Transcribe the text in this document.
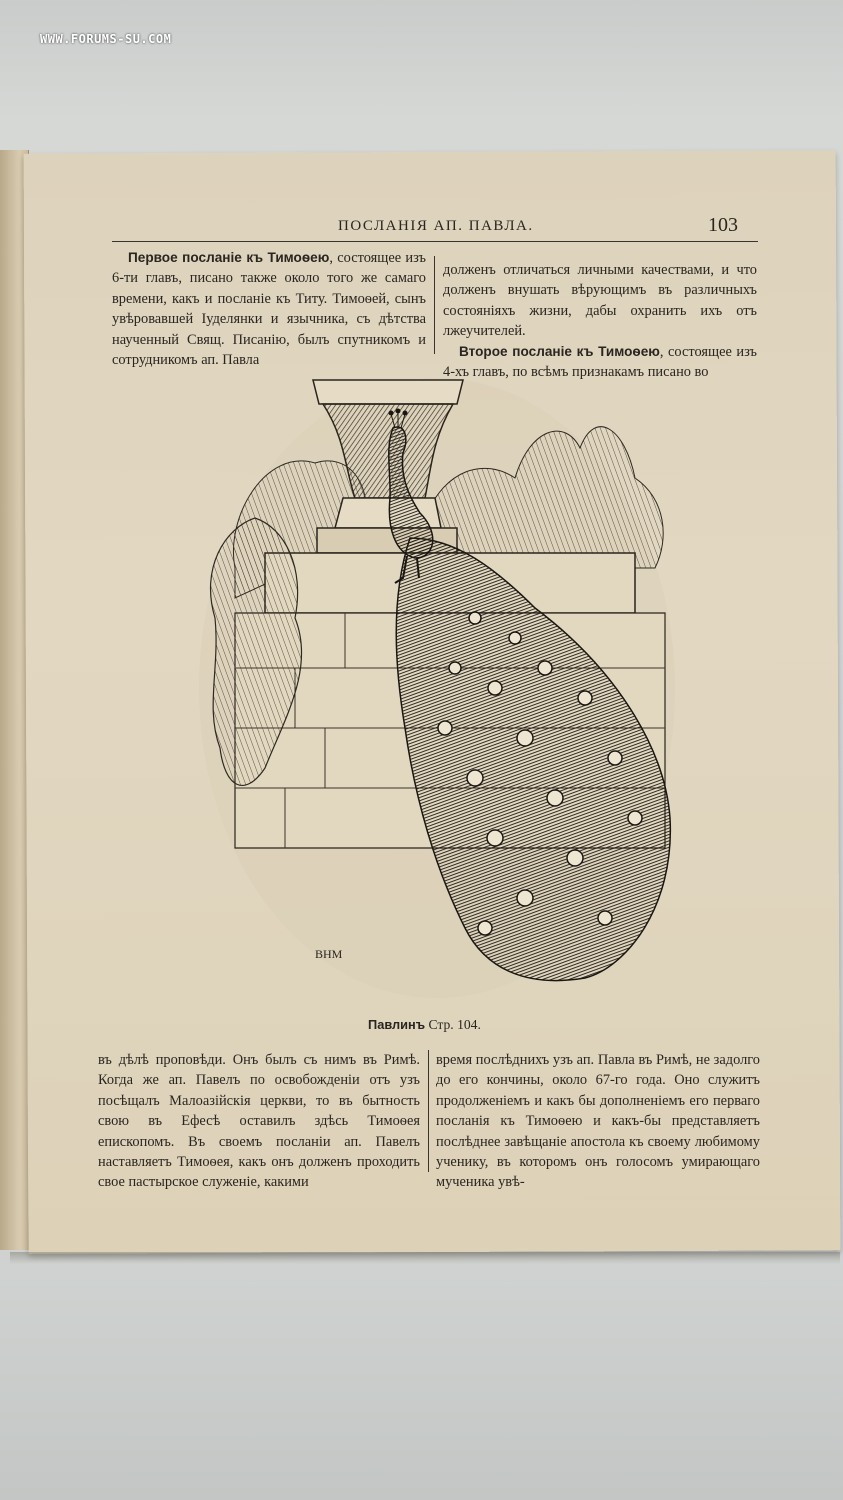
WWW.FORUMS-SU.COM
ПОСЛАНІЯ АП. ПАВЛА.	103

Первое посланіе къ Тимоѳею, состоящее изъ 6-ти главъ, писано также около того же самаго времени, какъ и посланіе къ Титу. Тимоѳей, сынъ увѣровавшей Іуделянки и язычника, съ дѣтства наученный Свящ. Писанію, былъ спутникомъ и сотрудникомъ ап. Павла

долженъ отличаться личными качествами, и что долженъ внушать вѣрующимъ въ различныхъ состояніяхъ жизни, дабы охранить ихъ отъ лжеучителей.

Второе посланіе къ Тимоѳею, состоящее изъ 4-хъ главъ, по всѣмъ признакамъ писано во

ВНМ
Павлинъ Стр. 104.

въ дѣлѣ проповѣди. Онъ былъ съ нимъ въ Римѣ. Когда же ап. Павелъ по освобожденіи отъ узъ посѣщалъ Малоазійскія церкви, то въ бытность свою въ Ефесѣ оставилъ здѣсь Тимоѳея епископомъ. Въ своемъ посланіи ап. Павелъ наставляетъ Тимоѳея, какъ онъ долженъ проходить свое пастырское служеніе, какими

время послѣднихъ узъ ап. Павла въ Римѣ, не задолго до его кончины, около 67-го года. Оно служитъ продолженіемъ и какъ бы дополненіемъ его перваго посланія къ Тимоѳею и какъ-бы представляетъ послѣднее завѣщаніе апостола къ своему любимому ученику, въ которомъ онъ голосомъ умирающаго мученика увѣ-
